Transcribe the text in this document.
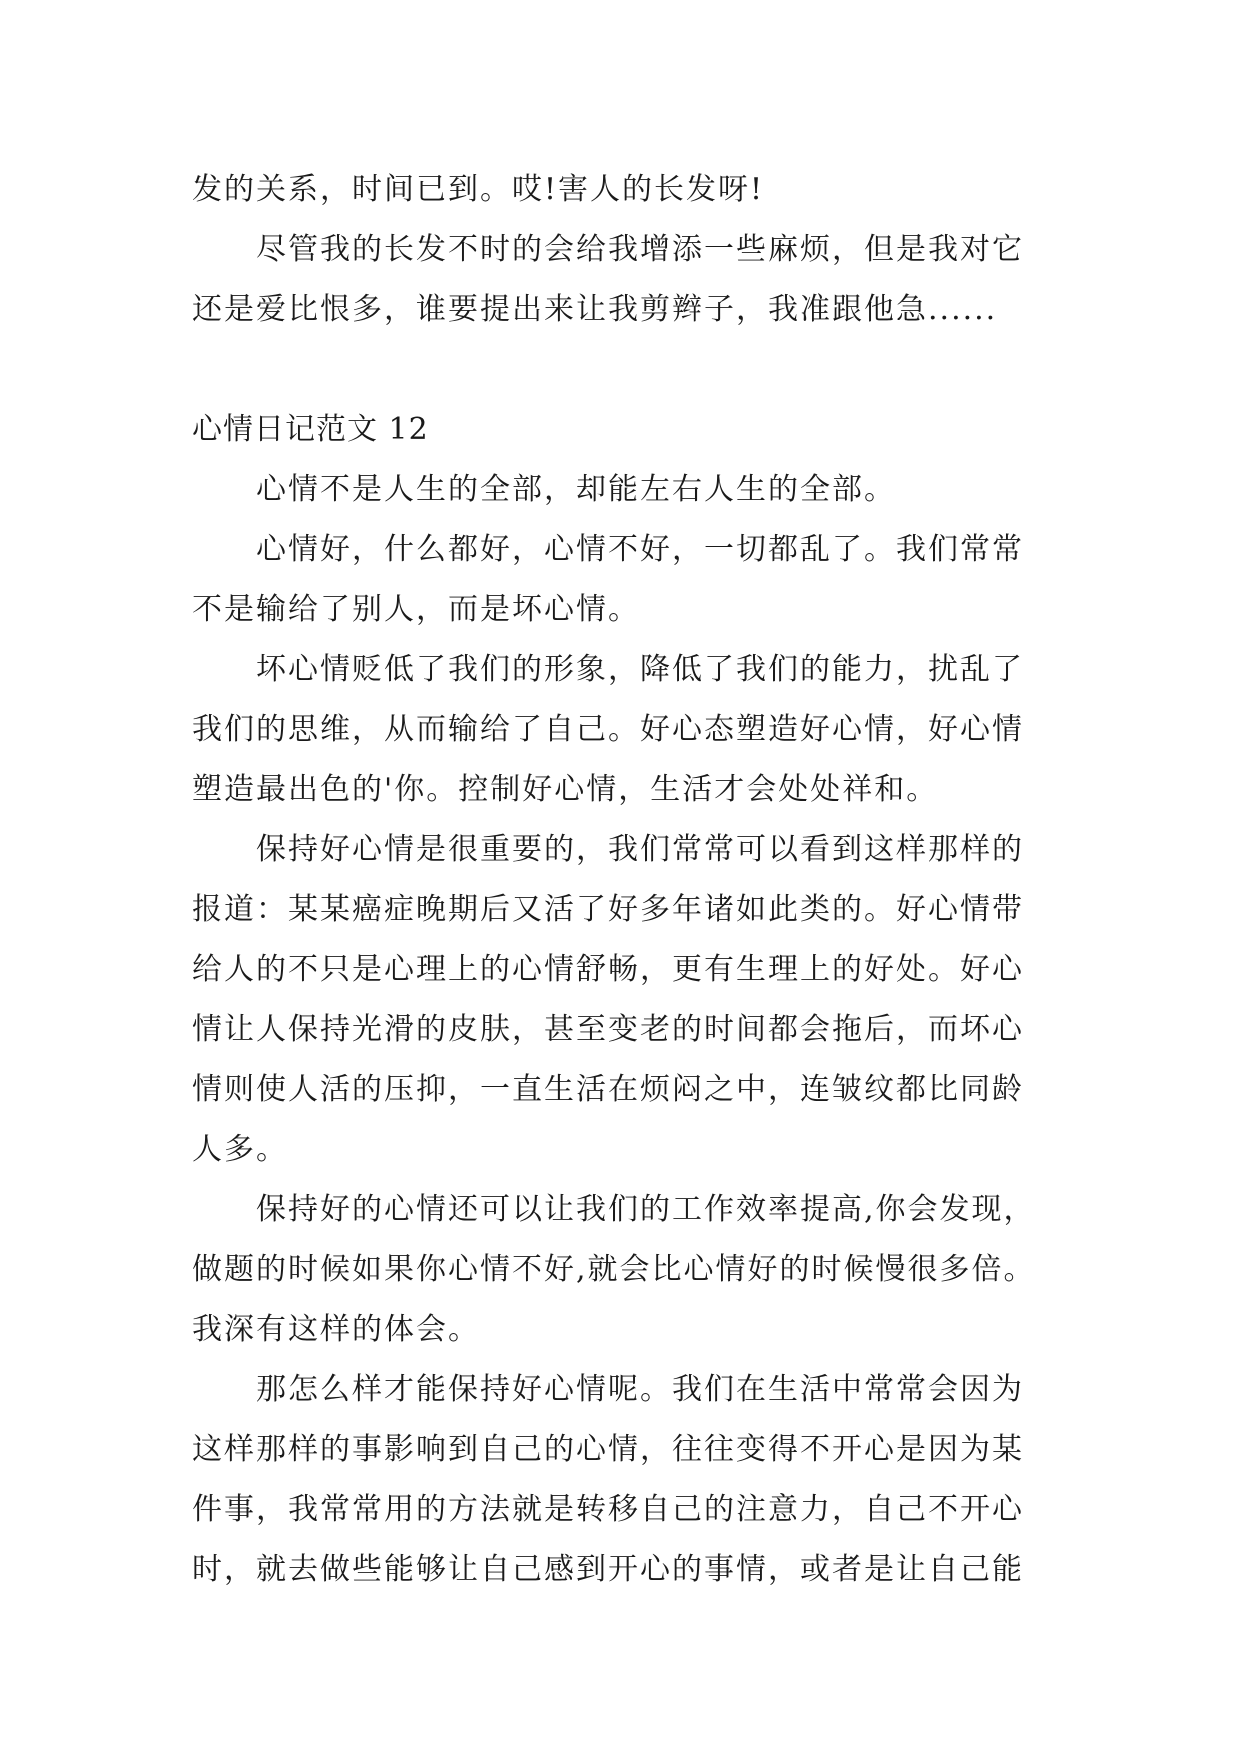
发的关系，时间已到。哎!害人的长发呀!
尽管我的长发不时的会给我增添一些麻烦，但是我对它
还是爱比恨多，谁要提出来让我剪辫子，我准跟他急......
心情日记范文 12
心情不是人生的全部，却能左右人生的全部。
心情好，什么都好，心情不好，一切都乱了。我们常常
不是输给了别人，而是坏心情。
坏心情贬低了我们的形象，降低了我们的能力，扰乱了
我们的思维，从而输给了自己。好心态塑造好心情，好心情
塑造最出色的'你。控制好心情，生活才会处处祥和。
保持好心情是很重要的，我们常常可以看到这样那样的
报道：某某癌症晚期后又活了好多年诸如此类的。好心情带
给人的不只是心理上的心情舒畅，更有生理上的好处。好心
情让人保持光滑的皮肤，甚至变老的时间都会拖后，而坏心
情则使人活的压抑，一直生活在烦闷之中，连皱纹都比同龄
人多。
保持好的心情还可以让我们的工作效率提高,你会发现，
做题的时候如果你心情不好,就会比心情好的时候慢很多倍。
我深有这样的体会。
那怎么样才能保持好心情呢。我们在生活中常常会因为
这样那样的事影响到自己的心情，往往变得不开心是因为某
件事，我常常用的方法就是转移自己的注意力，自己不开心
时，就去做些能够让自己感到开心的事情，或者是让自己能
